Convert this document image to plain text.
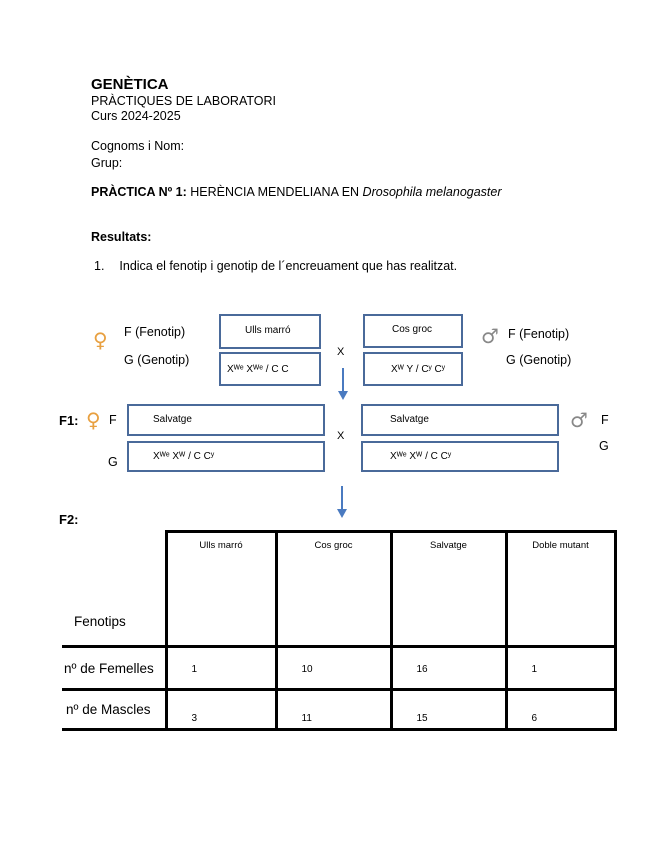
GENÈTICA
PRÀCTIQUES DE LABORATORI
Curs 2024-2025
Cognoms i Nom:
Grup:
PRÀCTICA Nº 1: HERÈNCIA MENDELIANA EN Drosophila melanogaster
Resultats:
1. Indica el fenotip i genotip de l´encreuament que has realitzat.
♀ F (Fenotip)
G (Genotip)
Ulls marró
Xᵂᵉ Xᵂᵉ / C C
X
Cos groc
Xᵂ Y / Cʸ Cʸ
♂ F (Fenotip)
G (Genotip)
F1: ♀ F
G
Salvatge
Xᵂᵉ Xᵂ / C Cʸ
X
Salvatge
Xᵂᵉ Xᵂ / C Cʸ
♂ F
G
F2:
Fenotips	Ulls marró	Cos groc	Salvatge	Doble mutant

nº de Femelles	1	10	16	1

nº de Mascles	3	11	15	6
